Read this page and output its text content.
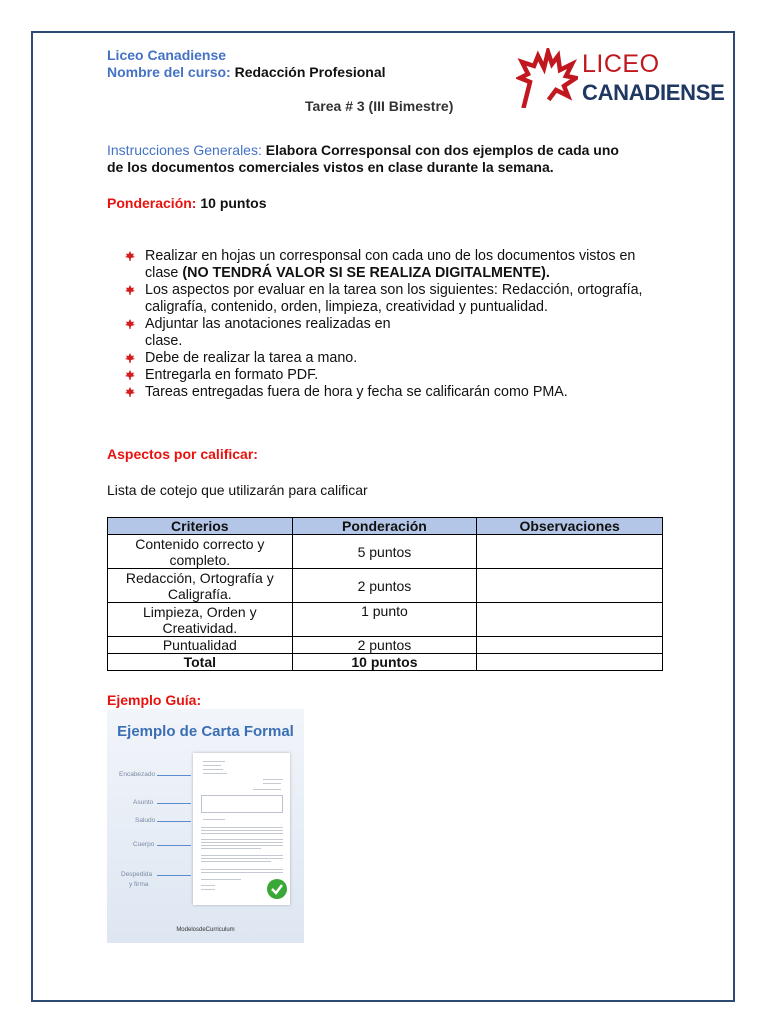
Liceo Canadiense
Nombre del curso: Redacción Profesional
Tarea # 3 (III Bimestre)
LICEO
CANADIENSE
Instrucciones Generales: Elabora Corresponsal con dos ejemplos de cada uno
de los documentos comerciales vistos en clase durante la semana.
Ponderación: 10 puntos
Realizar en hojas un corresponsal con cada uno de los documentos vistos en
clase (NO TENDRÁ VALOR SI SE REALIZA DIGITALMENTE).
Los aspectos por evaluar en la tarea son los siguientes: Redacción, ortografía,
caligrafía, contenido, orden, limpieza, creatividad y puntualidad.
Adjuntar las anotaciones realizadas en
clase.
Debe de realizar la tarea a mano.
Entregarla en formato PDF.
Tareas entregadas fuera de hora y fecha se calificarán como PMA.
Aspectos por calificar:
Lista de cotejo que utilizarán para calificar
Criterios	Ponderación	Observaciones

Contenido correcto y
completo.	5 puntos	

Redacción, Ortografía y
Caligrafía.	2 puntos	

Limpieza, Orden y
Creatividad.	1 punto	
Puntualidad	2 puntos	
Total	10 puntos	
Ejemplo Guía:
Ejemplo de Carta Formal
Encabezado
Asunto
Saludo
Cuerpo
Despedida
y firma
ModelosdeCurriculum
